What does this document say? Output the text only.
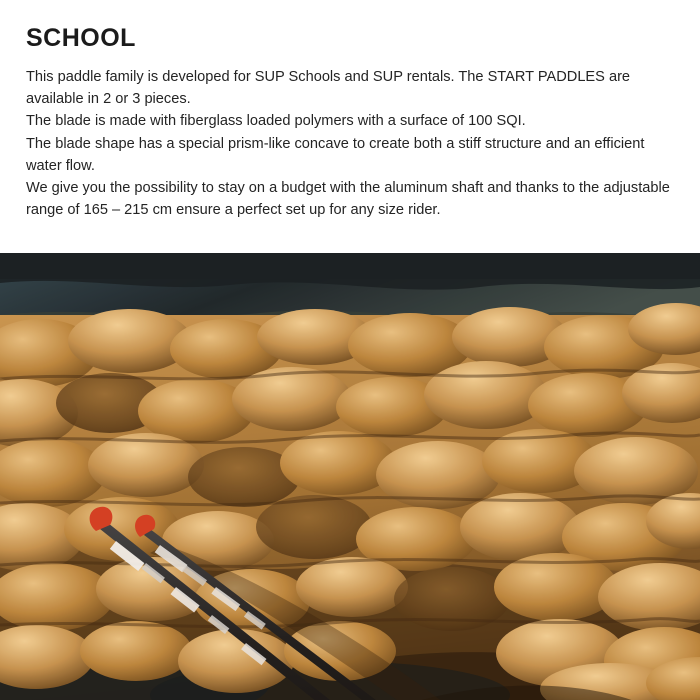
SCHOOL

This paddle family is developed for SUP Schools and SUP rentals. The START PADDLES are available in 2 or 3 pieces.

The blade is made with fiberglass loaded polymers with a surface of 100 SQI.

The blade shape has a special prism-like concave to create both a stiff structure and an efficient water flow.

We give you the possibility to stay on a budget with the aluminum shaft and thanks to the adjustable range of 165 – 215 cm ensure a perfect set up for any size rider.
